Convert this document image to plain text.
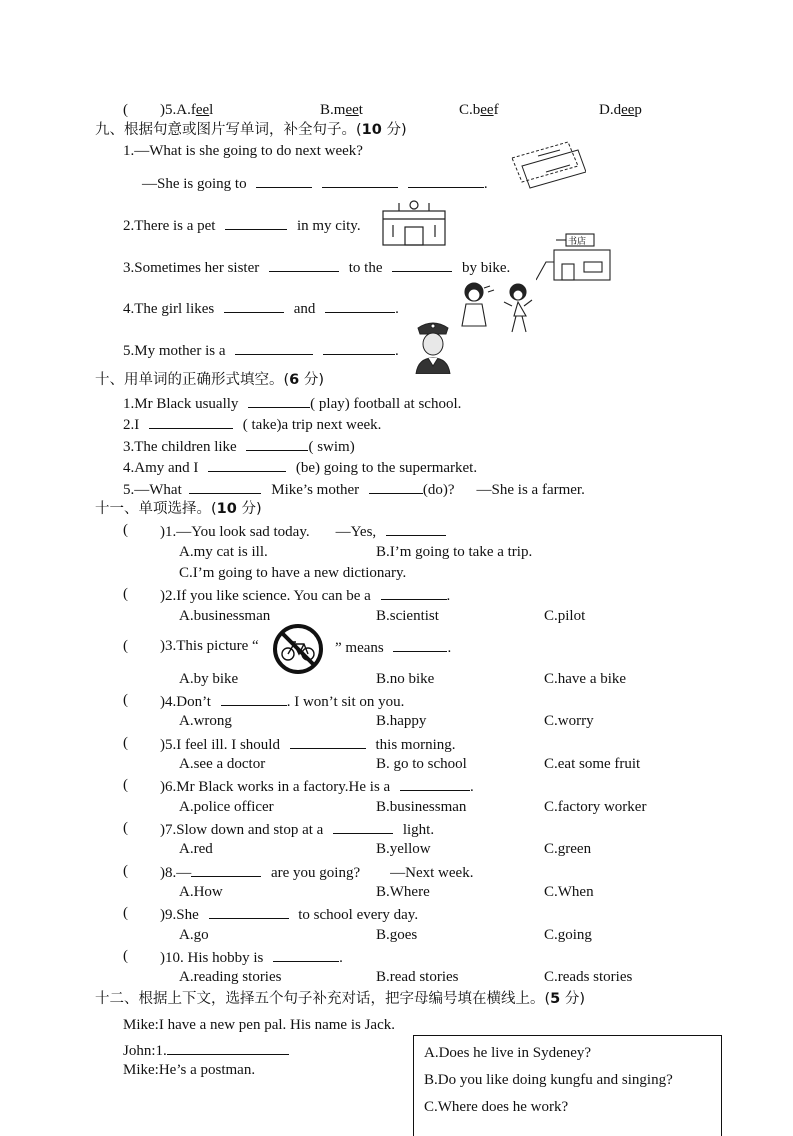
( )5.A.feel	B.meet	C.beef	D.deep
九、根据句意或图片写单词，补全句子。(10 分)
1.—What is she going to do next week?
—She is going to	.
2.There is a pet	in my city.
3.Sometimes her sister	to the	by bike.
书店
4.The girl likes	and	.
5.My mother is a	.
十、用单词的正确形式填空。(6 分)
1.Mr Black usually	( play) football at school.
2.I	( take)a trip next week.
3.The children like	( swim)
4.Amy and I	(be) going to the supermarket.
5.—What	Mike’s mother	(do)? —She is a farmer.
十一、单项选择。(10 分)
( )1.—You look sad today. —Yes,
A.my cat is ill.	B.I’m going to take a trip.
C.I’m going to have a new dictionary.
( )2.If you like science. You can be a	.
A.businessman	B.scientist	C.pilot
( )3.This picture “	” means	.
A.by bike	B.no bike	C.have a bike
( )4.Don’t	. I won’t sit on you.
A.wrong	B.happy	C.worry
( )5.I feel ill. I should	this morning.
A.see a doctor	B. go to school	C.eat some fruit
( )6.Mr Black works in a factory.He is a	.
A.police officer	B.businessman	C.factory worker
( )7.Slow down and stop at a	light.
A.red	B.yellow	C.green
( )8.—	are you going? —Next week.
A.How	B.Where	C.When
( )9.She	to school every day.
A.go	B.goes	C.going
( )10. His hobby is	.
A.reading stories	B.read stories	C.reads stories
十二、根据上下文，选择五个句子补充对话，把字母编号填在横线上。(5 分)
Mike:I have a new pen pal. His name is Jack.
John:1.
Mike:He’s a postman.
A.Does he live in Sydeney?
B.Do you like doing kungfu and singing?
C.Where does he work?
